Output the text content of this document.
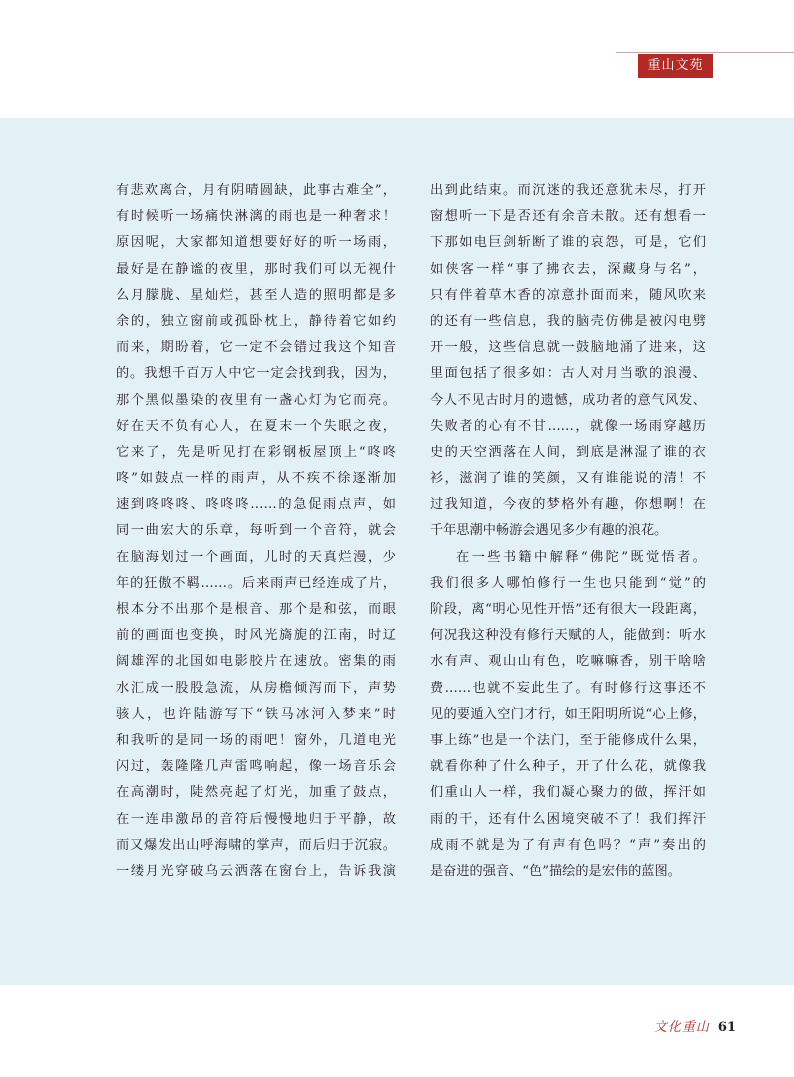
重山文苑
有悲欢离合，月有阴晴圆缺，此事古难全”，
有时候听一场痛快淋漓的雨也是一种奢求！
原因呢，大家都知道想要好好的听一场雨，
最好是在静谧的夜里，那时我们可以无视什
么月朦胧、星灿烂，甚至人造的照明都是多
余的，独立窗前或孤卧枕上，静待着它如约
而来，期盼着，它一定不会错过我这个知音
的。我想千百万人中它一定会找到我，因为，
那个黑似墨染的夜里有一盏心灯为它而亮。
好在天不负有心人，在夏末一个失眠之夜，
它来了，先是听见打在彩钢板屋顶上“咚咚
咚”如鼓点一样的雨声，从不疾不徐逐渐加
速到咚咚咚、咚咚咚……的急促雨点声，如
同一曲宏大的乐章，每听到一个音符，就会
在脑海划过一个画面，儿时的天真烂漫，少
年的狂傲不羁……。后来雨声已经连成了片，
根本分不出那个是根音、那个是和弦，而眼
前的画面也变换，时风光旖旎的江南，时辽
阔雄浑的北国如电影胶片在速放。密集的雨
水汇成一股股急流，从房檐倾泻而下，声势
骇人，也许陆游写下“铁马冰河入梦来”时
和我听的是同一场的雨吧！窗外，几道电光
闪过，轰隆隆几声雷鸣响起，像一场音乐会
在高潮时，陡然亮起了灯光，加重了鼓点，
在一连串激昂的音符后慢慢地归于平静，故
而又爆发出山呼海啸的掌声，而后归于沉寂。
一缕月光穿破乌云洒落在窗台上，告诉我演
出到此结束。而沉迷的我还意犹未尽，打开
窗想听一下是否还有余音未散。还有想看一
下那如电巨剑斩断了谁的哀怨，可是，它们
如侠客一样“事了拂衣去，深藏身与名”，
只有伴着草木香的凉意扑面而来，随风吹来
的还有一些信息，我的脑壳仿佛是被闪电劈
开一般，这些信息就一鼓脑地涌了进来，这
里面包括了很多如：古人对月当歌的浪漫、
今人不见古时月的遗憾，成功者的意气风发、
失败者的心有不甘……，就像一场雨穿越历
史的天空洒落在人间，到底是淋湿了谁的衣
衫，滋润了谁的笑颜，又有谁能说的清！不
过我知道，今夜的梦格外有趣，你想啊！在
千年思潮中畅游会遇见多少有趣的浪花。
在一些书籍中解释“佛陀”既觉悟者。
我们很多人哪怕修行一生也只能到“觉”的
阶段，离“明心见性开悟”还有很大一段距离，
何况我这种没有修行天赋的人，能做到：听水
水有声、观山山有色，吃嘛嘛香，别干啥啥
费……也就不妄此生了。有时修行这事还不
见的要遁入空门才行，如王阳明所说“心上修，
事上练”也是一个法门，至于能修成什么果，
就看你种了什么种子，开了什么花，就像我
们重山人一样，我们凝心聚力的做，挥汗如
雨的干，还有什么困境突破不了！我们挥汗
成雨不就是为了有声有色吗？“声”奏出的
是奋进的强音、“色”描绘的是宏伟的蓝图。
文化重山 61
